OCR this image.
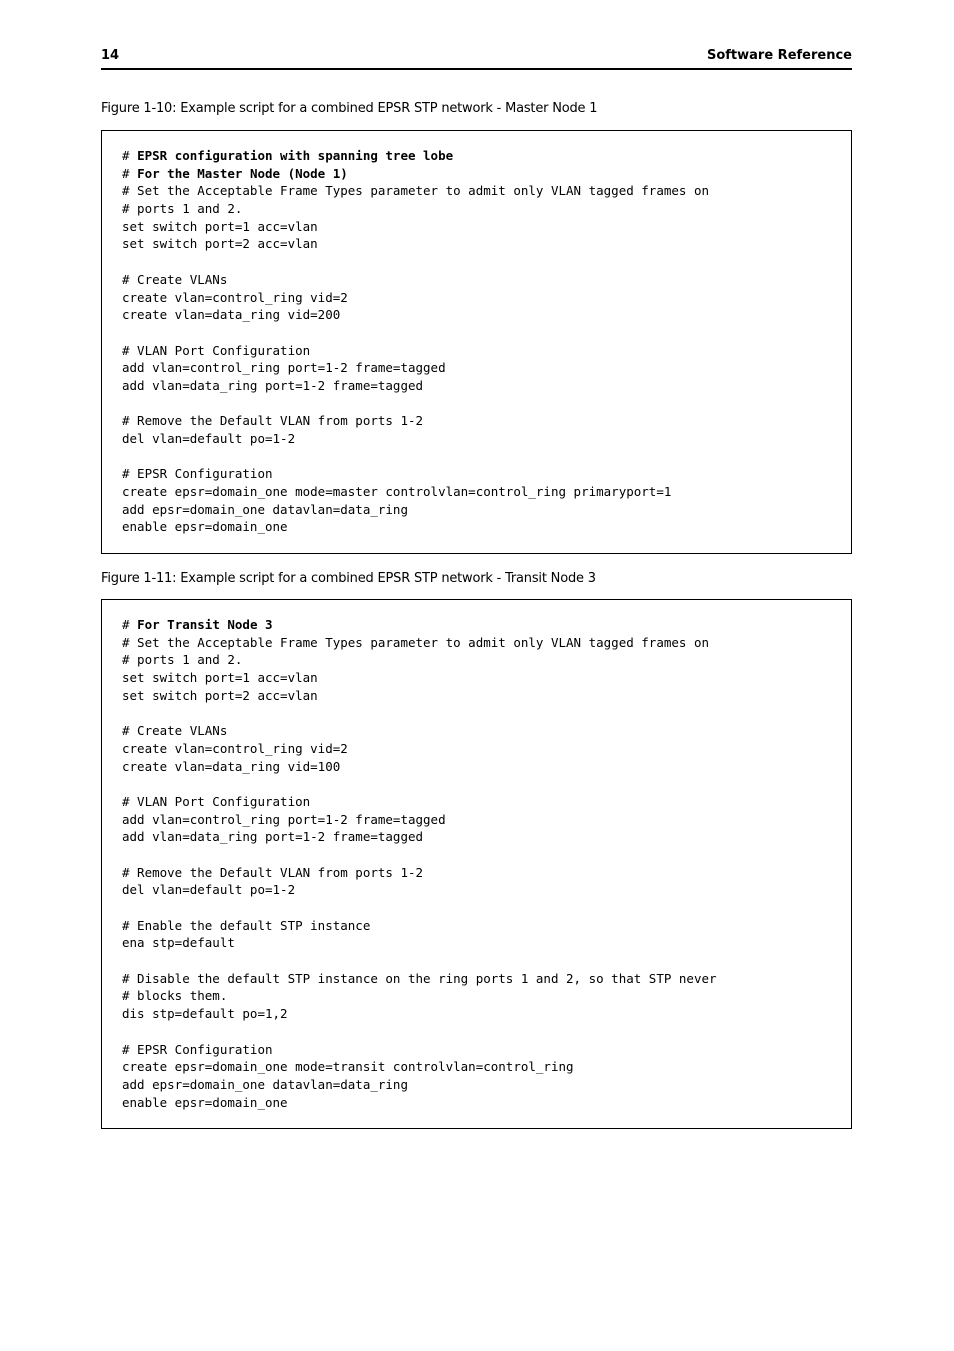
14	Software Reference
Figure 1-10: Example script for a combined EPSR STP network - Master Node 1
# EPSR configuration with spanning tree lobe
# For the Master Node (Node 1)
# Set the Acceptable Frame Types parameter to admit only VLAN tagged frames on
# ports 1 and 2.
set switch port=1 acc=vlan
set switch port=2 acc=vlan
# Create VLANs
create vlan=control_ring vid=2
create vlan=data_ring vid=200
# VLAN Port Configuration
add vlan=control_ring port=1-2 frame=tagged
add vlan=data_ring port=1-2 frame=tagged
# Remove the Default VLAN from ports 1-2
del vlan=default po=1-2
# EPSR Configuration
create epsr=domain_one mode=master controlvlan=control_ring primaryport=1
add epsr=domain_one datavlan=data_ring
enable epsr=domain_one
Figure 1-11: Example script for a combined EPSR STP network - Transit Node 3
# For Transit Node 3
# Set the Acceptable Frame Types parameter to admit only VLAN tagged frames on
# ports 1 and 2.
set switch port=1 acc=vlan
set switch port=2 acc=vlan
# Create VLANs
create vlan=control_ring vid=2
create vlan=data_ring vid=100
# VLAN Port Configuration
add vlan=control_ring port=1-2 frame=tagged
add vlan=data_ring port=1-2 frame=tagged
# Remove the Default VLAN from ports 1-2
del vlan=default po=1-2
# Enable the default STP instance
ena stp=default
# Disable the default STP instance on the ring ports 1 and 2, so that STP never
# blocks them.
dis stp=default po=1,2
# EPSR Configuration
create epsr=domain_one mode=transit controlvlan=control_ring
add epsr=domain_one datavlan=data_ring
enable epsr=domain_one
